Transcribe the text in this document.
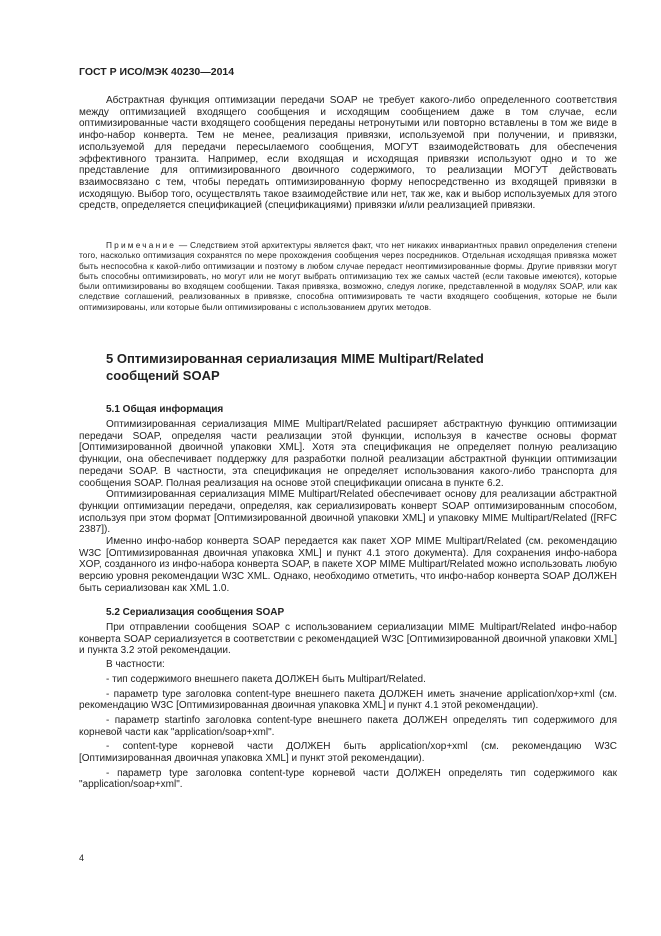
ГОСТ Р ИСО/МЭК 40230—2014

Абстрактная функция оптимизации передачи SOAP не требует какого-либо определенного соответствия между оптимизацией входящего сообщения и исходящим сообщением даже в том случае, если оптимизированные части входящего сообщения переданы нетронутыми или повторно вставлены в том же виде в инфо-набор конверта. Тем не менее, реализация привязки, используемой при получении, и привязки, используемой для передачи пересылаемого сообщения, МОГУТ взаимодействовать для обеспечения эффективного транзита. Например, если входящая и исходящая привязки используют одно и то же представление для оптимизированного двоичного содержимого, то реализации МОГУТ действовать взаимосвязано с тем, чтобы передать оптимизированную форму непосредственно из входящей привязки в исходящую. Выбор того, осуществлять такое взаимодействие или нет, так же, как и выбор используемых для этого средств, определяется спецификацией (спецификациями) привязки и/или реализацией привязки.

Примечание — Следствием этой архитектуры является факт, что нет никаких инвариантных правил определения степени того, насколько оптимизация сохранятся по мере прохождения сообщения через посредников. Отдельная исходящая привязка может быть неспособна к какой-либо оптимизации и поэтому в любом случае передаст неоптимизированные формы. Другие привязки могут быть способны оптимизировать, но могут или не могут выбрать оптимизацию тех же самых частей (если таковые имеются), которые были оптимизированы во входящем сообщении. Такая привязка, возможно, следуя логике, представленной в модулях SOAP, или как следствие соглашений, реализованных в привязке, способна оптимизировать те части входящего сообщения, которые не были оптимизированы, или которые были оптимизированы с использованием других методов.

5 Оптимизированная сериализация MIME Multipart/Related
сообщений SOAP
5.1 Общая информация

Оптимизированная сериализация MIME Multipart/Related расширяет абстрактную функцию оптимизации передачи SOAP, определяя части реализации этой функции, используя в качестве основы формат [Оптимизированной двоичной упаковки XML]. Хотя эта спецификация не определяет полную реализацию функции, она обеспечивает поддержку для разработки полной реализации абстрактной функции оптимизации передачи SOAP. В частности, эта спецификация не определяет использования какого-либо транспорта для сообщения SOAP. Полная реализация на основе этой спецификации описана в пункте 6.2.

Оптимизированная сериализация MIME Multipart/Related обеспечивает основу для реализации абстрактной функции оптимизации передачи, определяя, как сериализировать конверт SOAP оптимизированным способом, используя при этом формат [Оптимизированной двоичной упаковки XML] и упаковку MIME Multipart/Related ([RFC 2387]).

Именно инфо-набор конверта SOAP передается как пакет XOP MIME Multipart/Related (см. рекомендацию W3C [Оптимизированная двоичная упаковка XML] и пункт 4.1 этого документа). Для сохранения инфо-набора XOP, созданного из инфо-набора конверта SOAP, в пакете XOP MIME Multipart/Related можно использовать любую версию уровня рекомендации W3C XML. Однако, необходимо отметить, что инфо-набор конверта SOAP ДОЛЖЕН быть сериализован как XML 1.0.

5.2 Сериализация сообщения SOAP

При отправлении сообщения SOAP с использованием сериализации MIME Multipart/Related инфо-набор конверта SOAP сериализуется в соответствии с рекомендацией W3C [Оптимизированной двоичной упаковки XML] и пункта 3.2 этой рекомендации.

В частности:

- тип содержимого внешнего пакета ДОЛЖЕН быть Multipart/Related.

- параметр type заголовка content-type внешнего пакета ДОЛЖЕН иметь значение application/xop+xml (см. рекомендацию W3C [Оптимизированная двоичная упаковка XML] и пункт 4.1 этой рекомендации).

- параметр startinfo заголовка content-type внешнего пакета ДОЛЖЕН определять тип содержимого для корневой части как "application/soap+xml".

- content-type корневой части ДОЛЖЕН быть application/xop+xml (см. рекомендацию W3C [Оптимизированная двоичная упаковка XML] и пункт этой рекомендации).

- параметр type заголовка content-type корневой части ДОЛЖЕН определять тип содержимого как "application/soap+xml".

4
